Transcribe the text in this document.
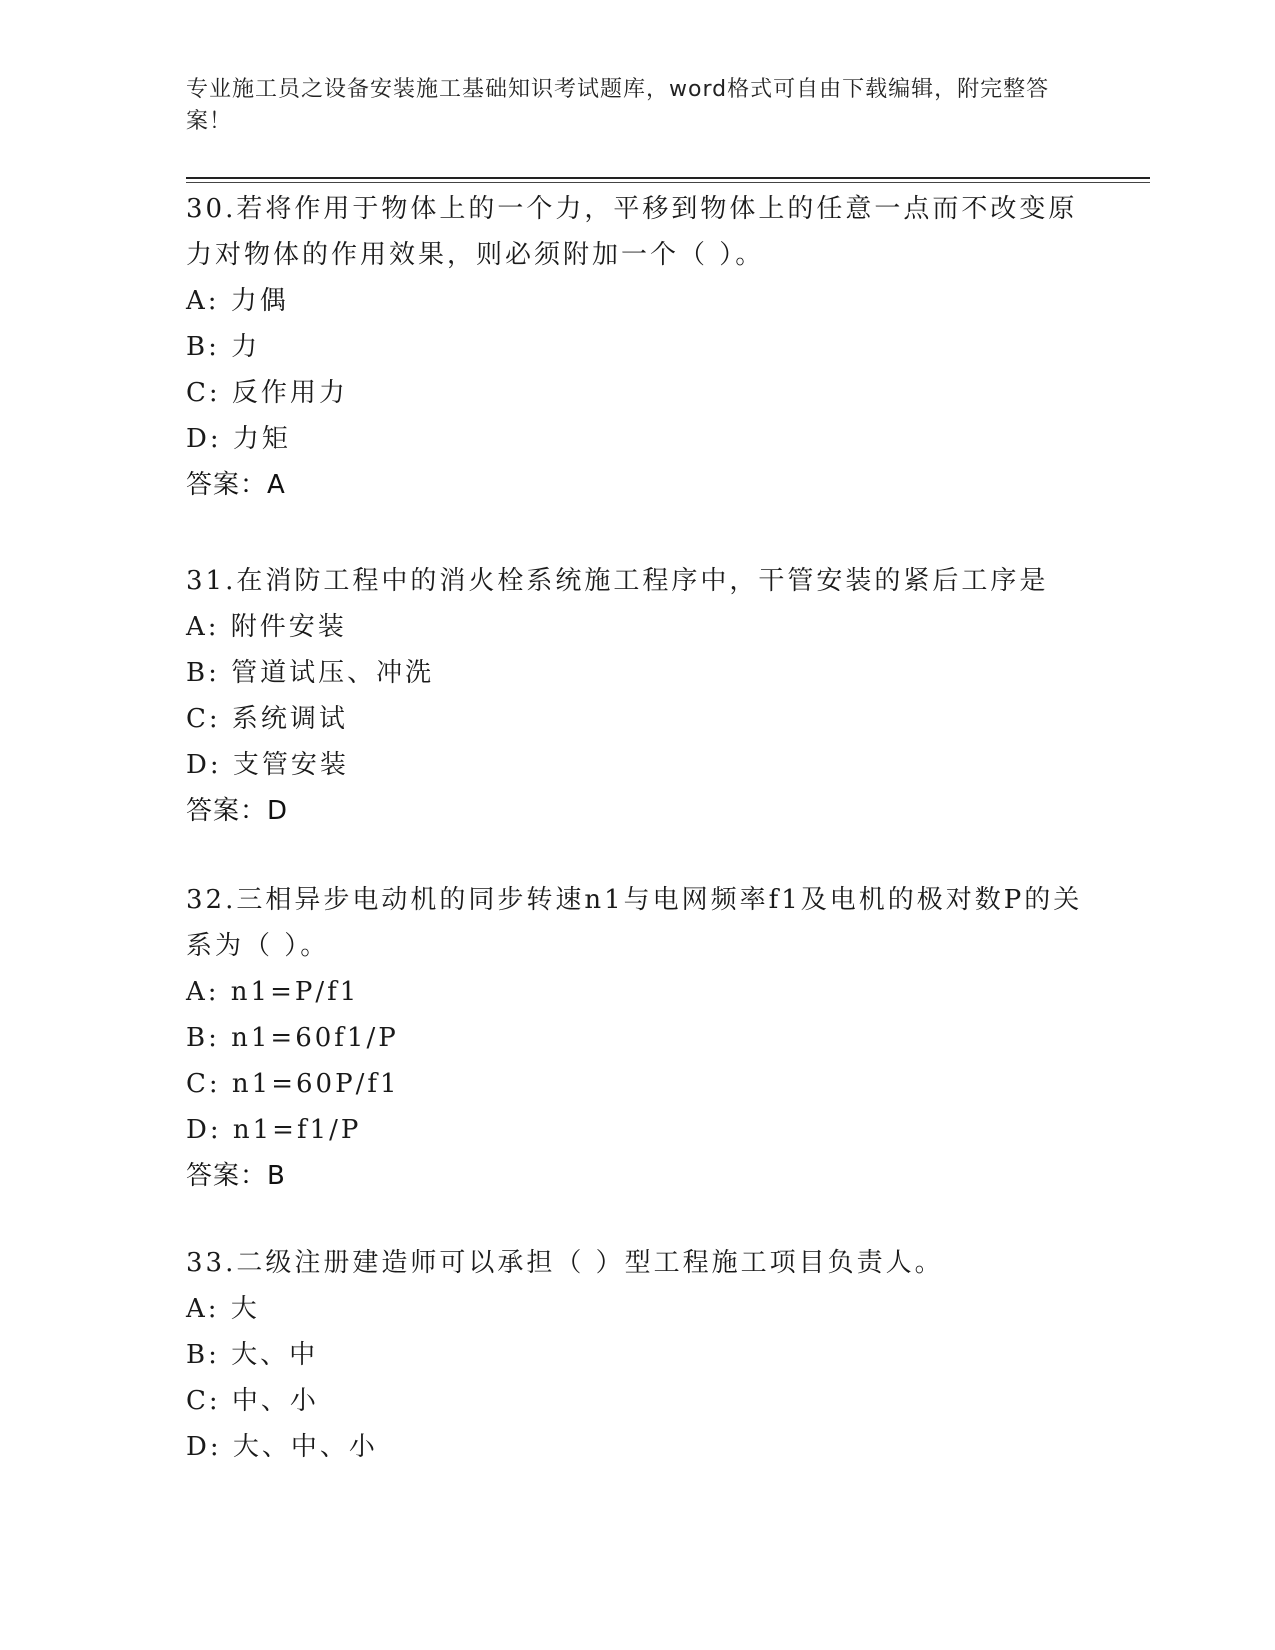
专业施工员之设备安装施工基础知识考试题库，word格式可自由下载编辑，附完整答案！

30.若将作用于物体上的一个力，平移到物体上的任意一点而不改变原力对物体的作用效果，则必须附加一个（ ）。

A: 力偶

B: 力

C: 反作用力

D: 力矩

答案：A

31.在消防工程中的消火栓系统施工程序中，干管安装的紧后工序是

A: 附件安装

B: 管道试压、冲洗

C: 系统调试

D: 支管安装

答案：D

32.三相异步电动机的同步转速n1与电网频率f1及电机的极对数P的关系为（ ）。

A: n1=P/f1

B: n1=60f1/P

C: n1=60P/f1

D: n1=f1/P

答案：B

33.二级注册建造师可以承担（ ）型工程施工项目负责人。

A: 大

B: 大、中

C: 中、小

D: 大、中、小
